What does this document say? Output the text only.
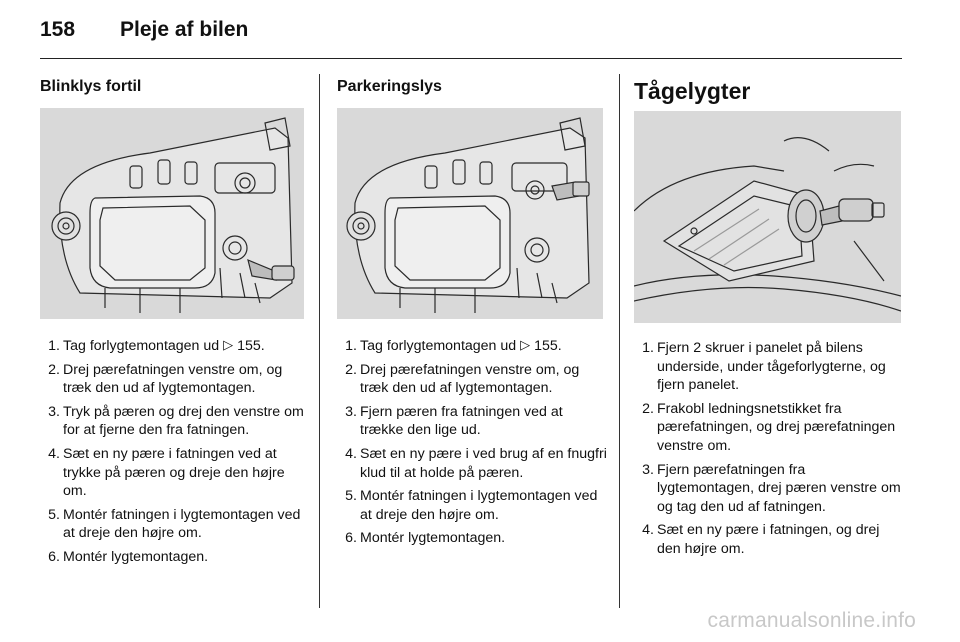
158	Pleje af bilen
Blinklys fortil
1. Tag forlygtemontagen ud ▷ 155.
2. Drej pærefatningen venstre om, og træk den ud af lygtemontagen.
3. Tryk på pæren og drej den venstre om for at fjerne den fra fatningen.
4. Sæt en ny pære i fatningen ved at trykke på pæren og dreje den højre om.
5. Montér fatningen i lygtemontagen ved at dreje den højre om.
6. Montér lygtemontagen.
Parkeringslys
1. Tag forlygtemontagen ud ▷ 155.
2. Drej pærefatningen venstre om, og træk den ud af lygtemontagen.
3. Fjern pæren fra fatningen ved at trække den lige ud.
4. Sæt en ny pære i ved brug af en fnugfri klud til at holde på pæren.
5. Montér fatningen i lygtemontagen ved at dreje den højre om.
6. Montér lygtemontagen.
Tågelygter
1. Fjern 2 skruer i panelet på bilens underside, under tågeforlygterne, og fjern panelet.
2. Frakobl ledningsnetstikket fra pærefatningen, og drej pærefatningen venstre om.
3. Fjern pærefatningen fra lygtemontagen, drej pæren venstre om og tag den ud af fatningen.
4. Sæt en ny pære i fatningen, og drej den højre om.
carmanualsonline.info
